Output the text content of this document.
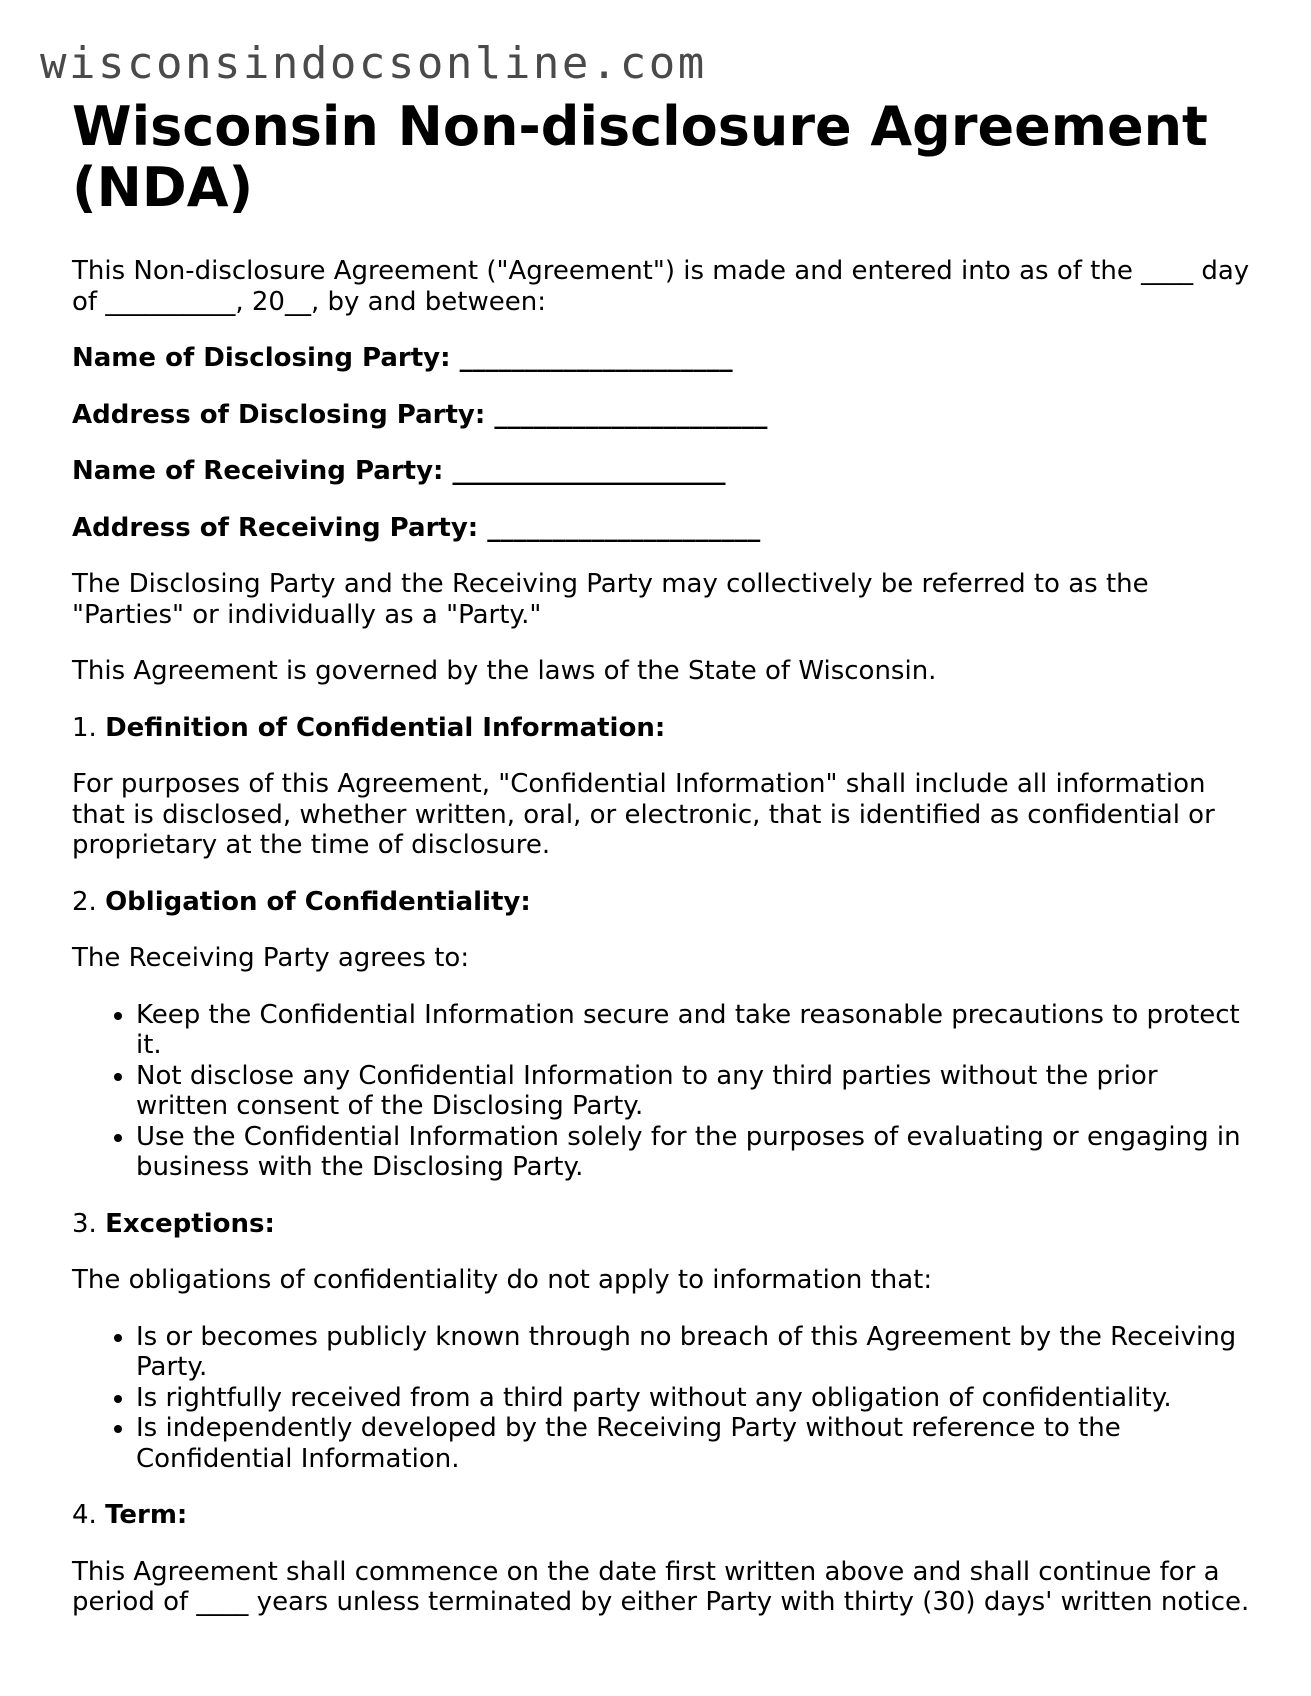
wisconsindocsonline.com
Wisconsin Non-disclosure Agreement (NDA)

This Non-disclosure Agreement ("Agreement") is made and entered into as of the ____ day of __________, 20__, by and between:

Name of Disclosing Party: _____________________

Address of Disclosing Party: _____________________

Name of Receiving Party: _____________________

Address of Receiving Party: _____________________

The Disclosing Party and the Receiving Party may collectively be referred to as the "Parties" or individually as a "Party."

This Agreement is governed by the laws of the State of Wisconsin.

1. Definition of Confidential Information:

For purposes of this Agreement, "Confidential Information" shall include all information that is disclosed, whether written, oral, or electronic, that is identified as confidential or proprietary at the time of disclosure.

2. Obligation of Confidentiality:

The Receiving Party agrees to:

• Keep the Confidential Information secure and take reasonable precautions to protect it.
• Not disclose any Confidential Information to any third parties without the prior written consent of the Disclosing Party.
• Use the Confidential Information solely for the purposes of evaluating or engaging in business with the Disclosing Party.

3. Exceptions:

The obligations of confidentiality do not apply to information that:

• Is or becomes publicly known through no breach of this Agreement by the Receiving Party.
• Is rightfully received from a third party without any obligation of confidentiality.
• Is independently developed by the Receiving Party without reference to the Confidential Information.

4. Term:

This Agreement shall commence on the date first written above and shall continue for a period of ____ years unless terminated by either Party with thirty (30) days' written notice.
